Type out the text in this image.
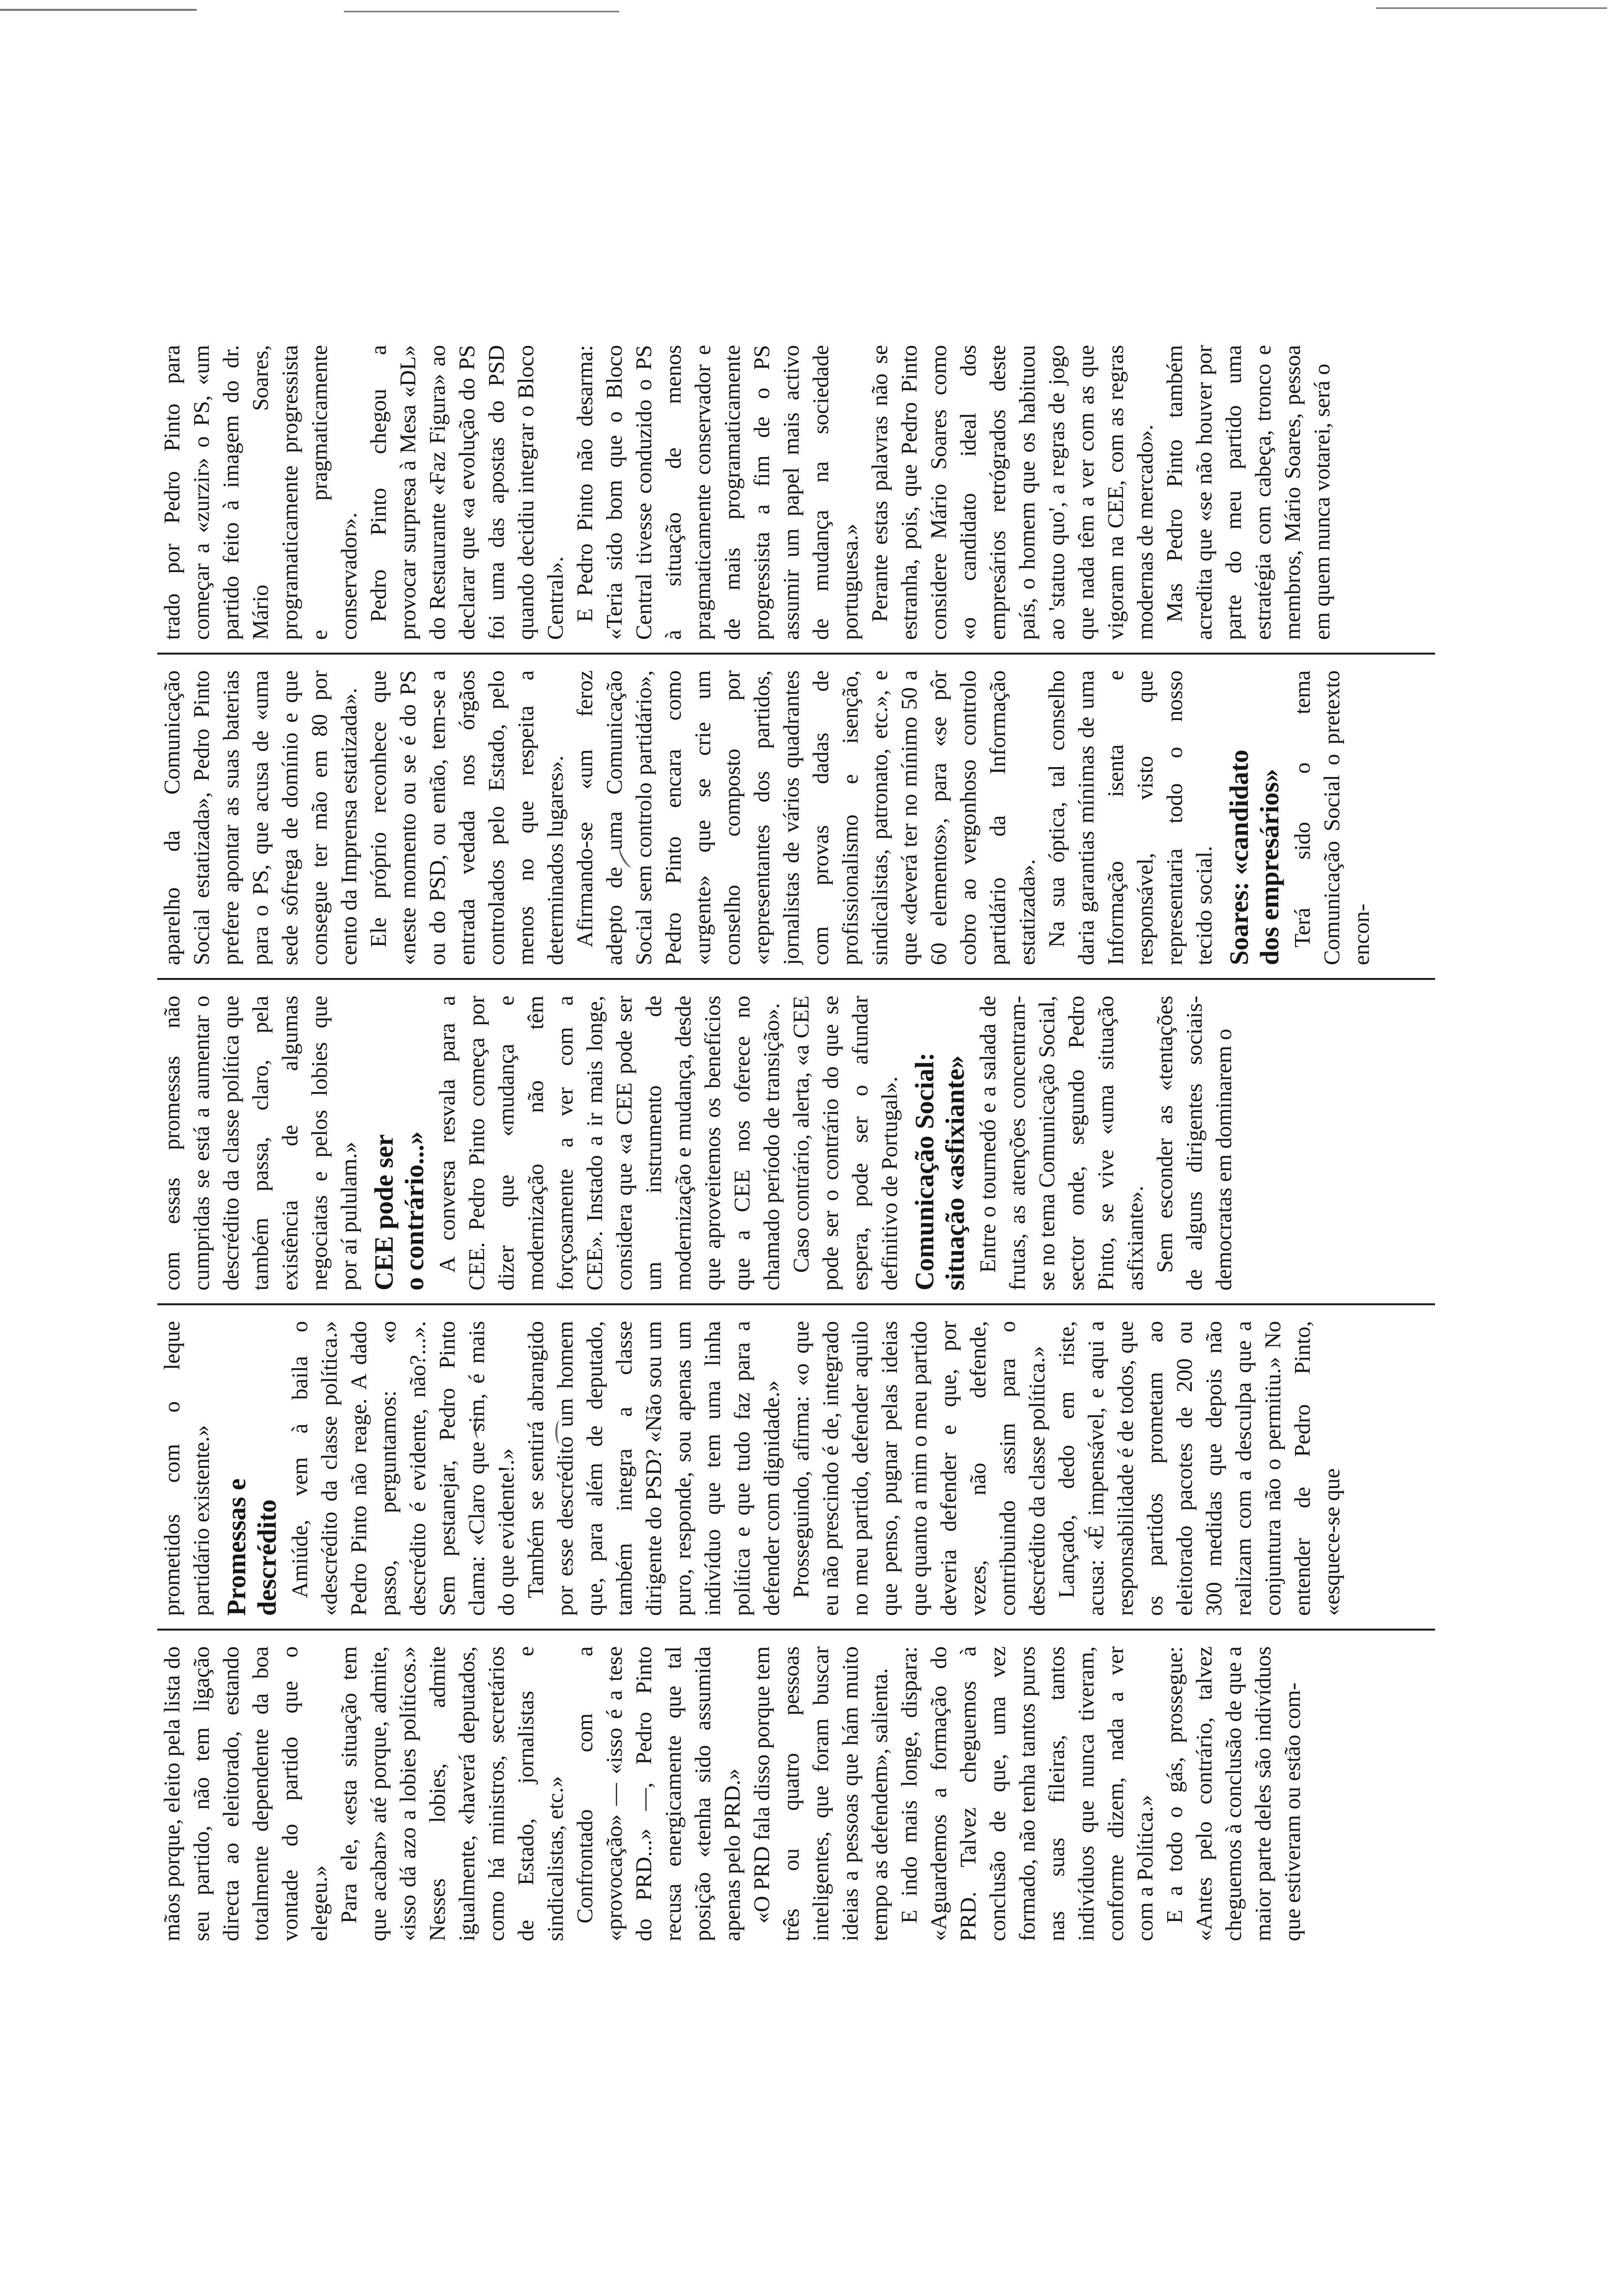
mãos porque, eleito pela lista do seu partido, não tem ligação directa ao eleitorado, estando totalmente dependente da boa vontade do partido que o elegeu.» Para ele, «esta situação tem que acabar» até porque, admite, «isso dá azo a lobies políticos.» Nesses lobies, admite igualmente, «haverá deputados, como há ministros, secretários de Estado, jornalistas e sindicalistas, etc.» Confrontado com a «provocação» — «isso é a tese do PRD...» —, Pedro Pinto recusa energicamente que tal posição «tenha sido assumida apenas pelo PRD.» «O PRD fala disso porque tem três ou quatro pessoas inteligentes, que foram buscar ideias a pessoas que hám muito tempo as defendem», salienta. E indo mais longe, dispara: «Aguardemos a formação do PRD. Talvez cheguemos à conclusão de que, uma vez formado, não tenha tantos puros nas suas fileiras, tantos indivíduos que nunca tiveram, conforme dizem, nada a ver com a Política.» E a todo o gás, prossegue: «Antes pelo contrário, talvez cheguemos à conclusão de que a maior parte deles são indivíduos que estiveram ou estão com-

prometidos com o leque partidário existente.» Promessas e descrédito Amiúde, vem à baila o «descrédito da classe política.» Pedro Pinto não reage. A dado passo, perguntamos: «o descrédito é evidente, não?...». Sem pestanejar, Pedro Pinto clama: «Claro que sim, é mais do que evidente!.» Também se sentirá abrangido por esse descrédito um homem que, para além de deputado, também integra a classe dirigente do PSD? «Não sou um puro, responde, sou apenas um indivíduo que tem uma linha política e que tudo faz para a defender com dignidade.» Prosseguindo, afirma: «o que eu não prescindo é de, integrado no meu partido, defender aquilo que penso, pugnar pelas ideias que quanto a mim o meu partido deveria defender e que, por vezes, não defende, contribuindo assim para o descrédito da classe política.» Lançado, dedo em riste, acusa: «É impensável, e aqui a responsabilidade é de todos, que os partidos prometam ao eleitorado pacotes de 200 ou 300 medidas que depois não realizam com a desculpa que a conjuntura não o permitiu.» No entender de Pedro Pinto, «esquece-se que

com essas promessas não cumpridas se está a aumentar o descrédito da classe política que também passa, claro, pela existência de algumas negociatas e pelos lobies que por aí pululam.» CEE pode ser o contrário...» A conversa resvala para a CEE. Pedro Pinto começa por dizer que «mudança e modernização não têm forçosamente a ver com a CEE». Instado a ir mais longe, considera que «a CEE pode ser um instrumento de modernização e mudança, desde que aproveitemos os benefícios que a CEE nos oferece no chamado período de transição». Caso contrário, alerta, «a CEE pode ser o contrário do que se espera, pode ser o afundar definitivo de Portugal». Comunicação Social: situação «asfixiante» Entre o tournedó e a salada de frutas, as atenções concentram-se no tema Comunicação Social, sector onde, segundo Pedro Pinto, se vive «uma situação asfixiante». Sem esconder as «tentações de alguns dirigentes sociais-democratas em dominarem o

aparelho da Comunicação Social estatizada», Pedro Pinto prefere apontar as suas baterias para o PS, que acusa de «uma sede sôfrega de domínio e que conseguе ter mão em 80 por cento da Imprensa estatizada». Ele próprio reconhece que «neste momento ou se é do PS ou do PSD, ou então, tem-se a entrada vedada nos órgãos controlados pelo Estado, pelo menos no que respeita a determinados lugares». Afirmando-se «um feroz adepto de uma Comunicação Social sem controlo partidário», Pedro Pinto encara como «urgente» que se crie um conselho composto por «representantes dos partidos, jornalistas de vários quadrantes com provas dadas de profissionalismo e isenção, sindicalistas, patronato, etc.», e que «deverá ter no mínimo 50 a 60 elementos», para «se pôr cobro ao vergonhoso controlo partidário da Informação estatizada». Na sua óptica, tal conselho daria garantias mínimas de uma Informação isenta e responsável, visto que representaria todo o nosso tecido social. Soares: «candidato dos empresários» Terá sido o tema Comunicação Social o pretexto encon-

trado por Pedro Pinto para começar a «zurzir» o PS, «um partido feito à imagem do dr. Mário Soares, programaticamente progressista e pragmaticamente conservador». Pedro Pinto chegou a provocar surpresa à Mesa «DL» do Restaurante «Faz Figura» ao declarar que «a evolução do PS foi uma das apostas do PSD quando decidiu integrar o Bloco Central». E Pedro Pinto não desarma: «Teria sido bom que o Bloco Central tivesse conduzido o PS à situação de menos pragmaticamente conservador e de mais programaticamente progressista a fim de o PS assumir um papel mais activo de mudança na sociedade portuguesa.» Perante estas palavras não se estranha, pois, que Pedro Pinto considere Mário Soares como «o candidato ideal dos empresários retrógrados deste país, o homem que os habituou ao 'statuo quo', a regras de jogo que nada têm a ver com as que vigoram na CEE, com as regras modernas de mercado». Mas Pedro Pinto também acredita que «se não houver por parte do meu partido uma estratégia com cabeça, tronco e membros, Mário Soares, pessoa em quem nunca votarei, será o
